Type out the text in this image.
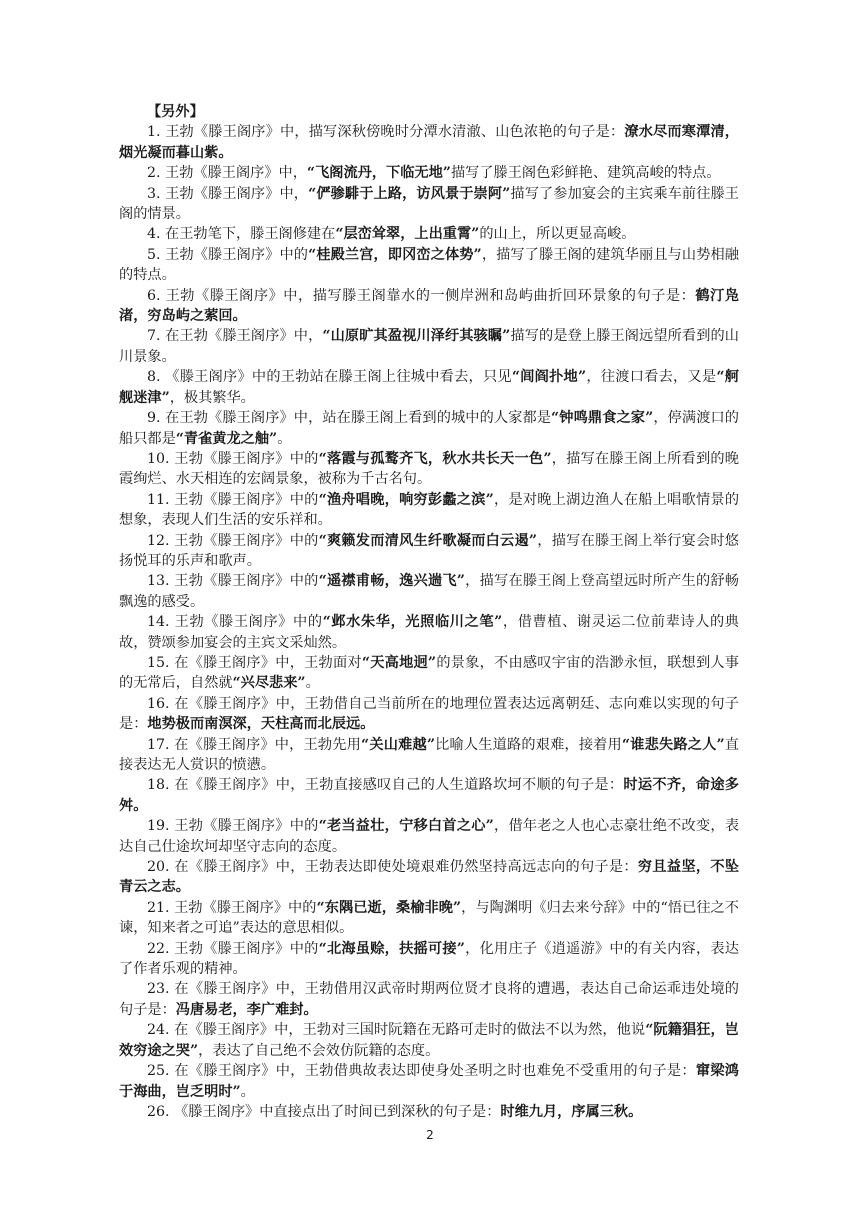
【另外】

1. 王勃《滕王阁序》中，描写深秋傍晚时分潭水清澈、山色浓艳的句子是：潦水尽而寒潭清，烟光凝而暮山紫。

2. 王勃《滕王阁序》中，“飞阁流丹，下临无地”描写了滕王阁色彩鲜艳、建筑高峻的特点。

3. 王勃《滕王阁序》中，“俨骖騑于上路，访风景于崇阿”描写了参加宴会的主宾乘车前往滕王阁的情景。

4. 在王勃笔下，滕王阁修建在“层峦耸翠，上出重霄”的山上，所以更显高峻。

5. 王勃《滕王阁序》中的“桂殿兰宫，即冈峦之体势”，描写了滕王阁的建筑华丽且与山势相融的特点。

6. 王勃《滕王阁序》中，描写滕王阁靠水的一侧岸洲和岛屿曲折回环景象的句子是：鹤汀凫渚，穷岛屿之萦回。

7. 在王勃《滕王阁序》中，“山原旷其盈视川泽纡其骇瞩”描写的是登上滕王阁远望所看到的山川景象。

8. 《滕王阁序》中的王勃站在滕王阁上往城中看去，只见“闾阎扑地”，往渡口看去，又是“舸舰迷津”，极其繁华。

9. 在王勃《滕王阁序》中，站在滕王阁上看到的城中的人家都是“钟鸣鼎食之家”，停满渡口的船只都是“青雀黄龙之舳”。

10. 王勃《滕王阁序》中的“落霞与孤鹜齐飞，秋水共长天一色”，描写在滕王阁上所看到的晚霞绚烂、水天相连的宏阔景象，被称为千古名句。

11. 王勃《滕王阁序》中的“渔舟唱晚，响穷彭蠡之滨”，是对晚上湖边渔人在船上唱歌情景的想象，表现人们生活的安乐祥和。

12. 王勃《滕王阁序》中的“爽籁发而清风生纤歌凝而白云遏”，描写在滕王阁上举行宴会时悠扬悦耳的乐声和歌声。

13. 王勃《滕王阁序》中的“遥襟甫畅，逸兴遄飞”，描写在滕王阁上登高望远时所产生的舒畅飘逸的感受。

14. 王勃《滕王阁序》中的“邺水朱华，光照临川之笔”，借曹植、谢灵运二位前辈诗人的典故，赞颂参加宴会的主宾文采灿然。

15. 在《滕王阁序》中，王勃面对“天高地迥”的景象，不由感叹宇宙的浩渺永恒，联想到人事的无常后，自然就“兴尽悲来”。

16. 在《滕王阁序》中，王勃借自己当前所在的地理位置表达远离朝廷、志向难以实现的句子是：地势极而南溟深，天柱高而北辰远。

17. 在《滕王阁序》中，王勃先用“关山难越”比喻人生道路的艰难，接着用“谁悲失路之人”直接表达无人赏识的愤懑。

18. 在《滕王阁序》中，王勃直接感叹自己的人生道路坎坷不顺的句子是：时运不齐，命途多舛。

19. 王勃《滕王阁序》中的“老当益壮，宁移白首之心”，借年老之人也心志豪壮绝不改变，表达自己仕途坎坷却坚守志向的态度。

20. 在《滕王阁序》中，王勃表达即使处境艰难仍然坚持高远志向的句子是：穷且益坚，不坠青云之志。

21. 王勃《滕王阁序》中的“东隅已逝，桑榆非晚”，与陶渊明《归去来兮辞》中的“悟已往之不谏，知来者之可追”表达的意思相似。

22. 王勃《滕王阁序》中的“北海虽赊，扶摇可接”，化用庄子《逍遥游》中的有关内容，表达了作者乐观的精神。

23. 在《滕王阁序》中，王勃借用汉武帝时期两位贤才良将的遭遇，表达自己命运乖违处境的句子是：冯唐易老，李广难封。

24. 在《滕王阁序》中，王勃对三国时阮籍在无路可走时的做法不以为然，他说“阮籍猖狂，岂效穷途之哭”，表达了自己绝不会效仿阮籍的态度。

25. 在《滕王阁序》中，王勃借典故表达即使身处圣明之时也难免不受重用的句子是：窜梁鸿于海曲，岂乏明时”。

26. 《滕王阁序》中直接点出了时间已到深秋的句子是：时维九月，序属三秋。

2
